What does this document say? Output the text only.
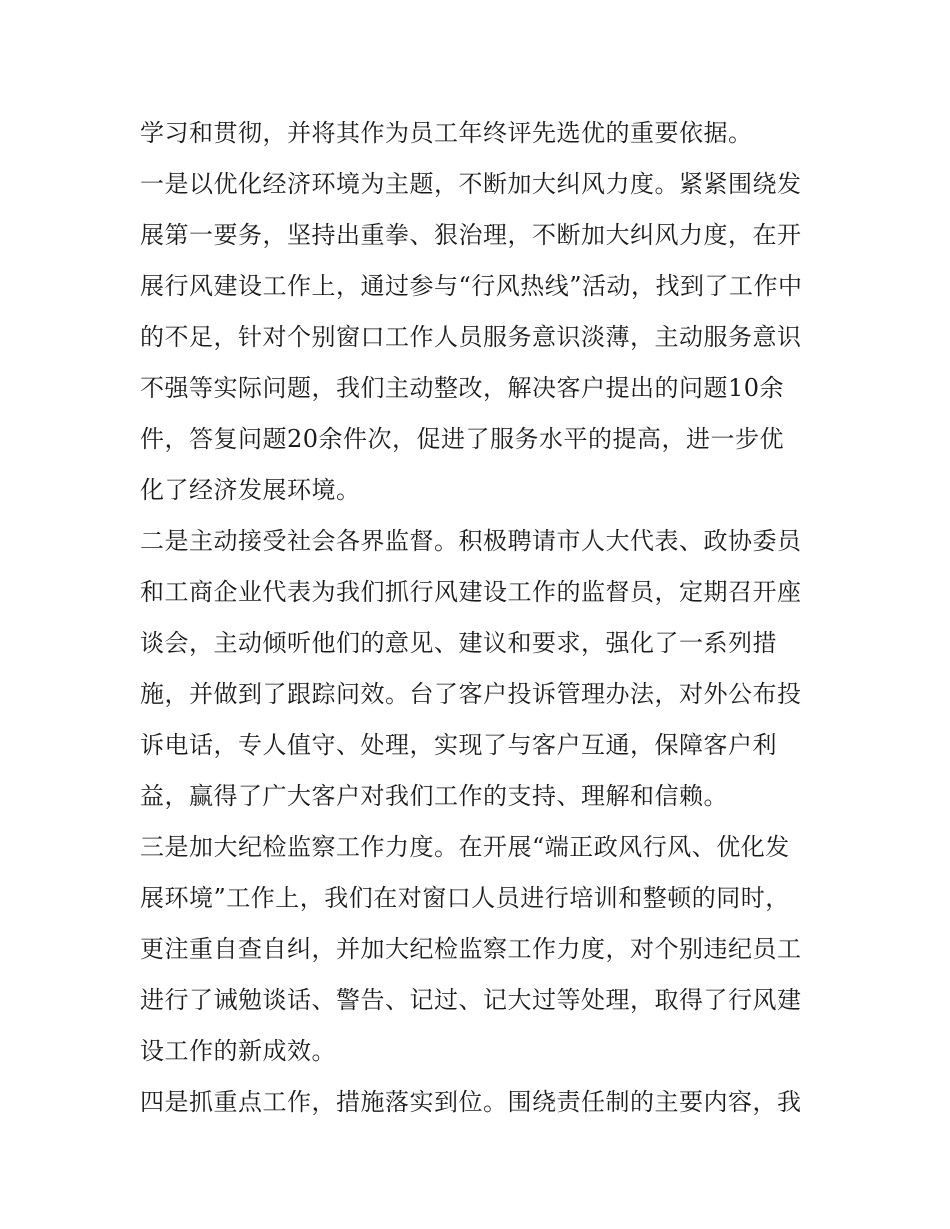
学习和贯彻，并将其作为员工年终评先选优的重要依据。
一是以优化经济环境为主题，不断加大纠风力度。紧紧围绕发
展第一要务，坚持出重拳、狠治理，不断加大纠风力度，在开
展行风建设工作上，通过参与“行风热线”活动，找到了工作中
的不足，针对个别窗口工作人员服务意识淡薄，主动服务意识
不强等实际问题，我们主动整改，解决客户提出的问题10余
件，答复问题20余件次，促进了服务水平的提高，进一步优
化了经济发展环境。
二是主动接受社会各界监督。积极聘请市人大代表、政协委员
和工商企业代表为我们抓行风建设工作的监督员，定期召开座
谈会，主动倾听他们的意见、建议和要求，强化了一系列措
施，并做到了跟踪问效。台了客户投诉管理办法，对外公布投
诉电话，专人值守、处理，实现了与客户互通，保障客户利
益，赢得了广大客户对我们工作的支持、理解和信赖。
三是加大纪检监察工作力度。在开展“端正政风行风、优化发
展环境”工作上，我们在对窗口人员进行培训和整顿的同时，
更注重自查自纠，并加大纪检监察工作力度，对个别违纪员工
进行了诫勉谈话、警告、记过、记大过等处理，取得了行风建
设工作的新成效。
四是抓重点工作，措施落实到位。围绕责任制的主要内容，我
